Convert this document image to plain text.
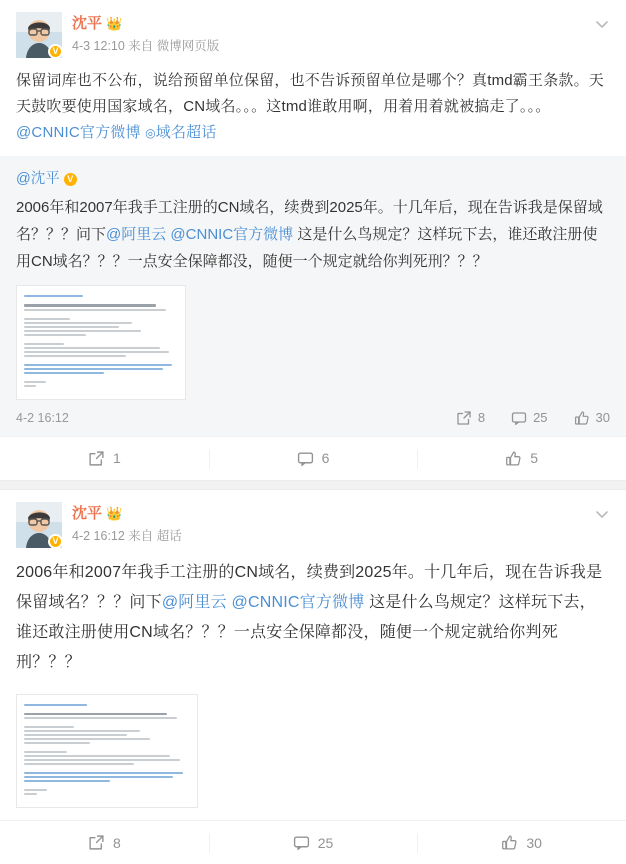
V
沈平 👑
4-3 12:10 来自 微博网页版
保留词库也不公布，说给预留单位保留，也不告诉预留单位是哪个？真tmd霸王条款。天天鼓吹要使用国家域名，CN域名。。。这tmd谁敢用啊，用着用着就被搞走了。。。@CNNIC官方微博 ◎域名超话
@沈平 V
2006年和2007年我手工注册的CN域名，续费到2025年。十几年后，现在告诉我是保留域名？？？问下@阿里云 @CNNIC官方微博 这是什么鸟规定？这样玩下去，谁还敢注册使用CN域名？？？一点安全保障都没，随便一个规定就给你判死刑？？？
4-2 16:12	8	25	30
1	6	5
V
沈平 👑
4-2 16:12 来自 超话
2006年和2007年我手工注册的CN域名，续费到2025年。十几年后，现在告诉我是保留域名？？？问下@阿里云 @CNNIC官方微博 这是什么鸟规定？这样玩下去，谁还敢注册使用CN域名？？？一点安全保障都没，随便一个规定就给你判死刑？？？
8	25	30
